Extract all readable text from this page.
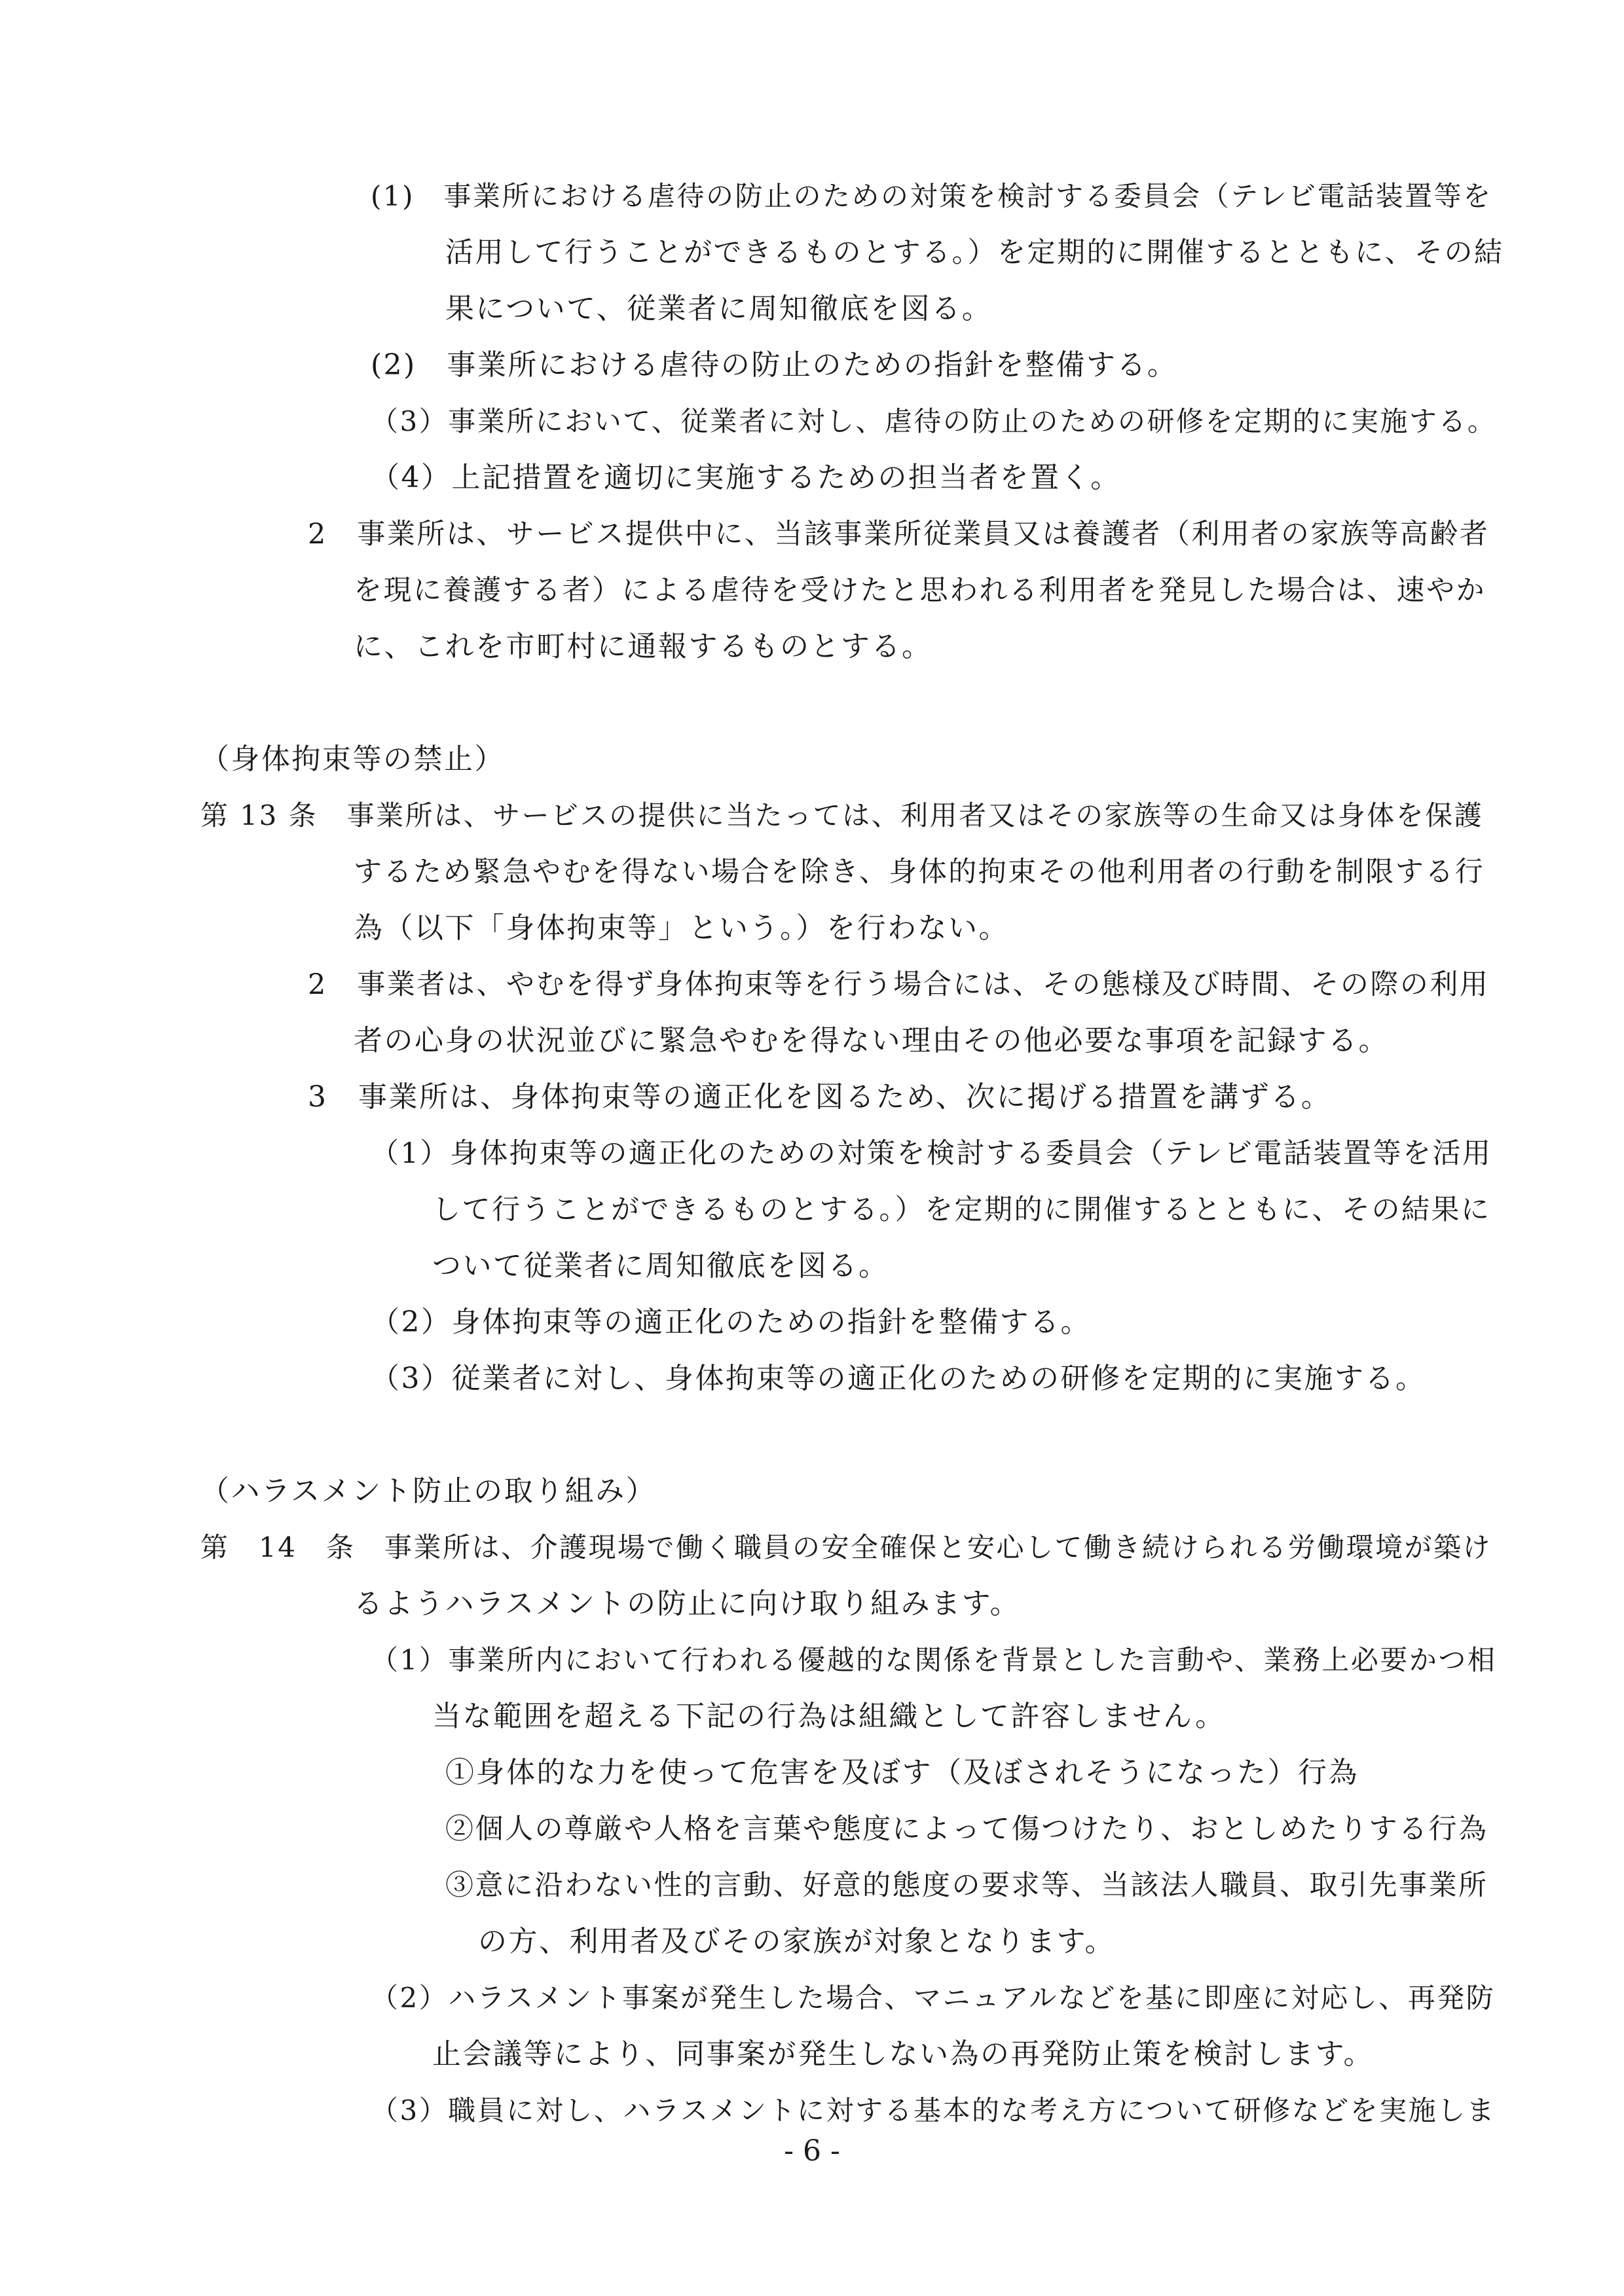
(1)　事業所における虐待の防止のための対策を検討する委員会（テレビ電話装置等を
活用して行うことができるものとする。）を定期的に開催するとともに、その結
果について、従業者に周知徹底を図る。
(2)　事業所における虐待の防止のための指針を整備する。
（3）事業所において、従業者に対し、虐待の防止のための研修を定期的に実施する。
（4）上記措置を適切に実施するための担当者を置く。
2　事業所は、サービス提供中に、当該事業所従業員又は養護者（利用者の家族等高齢者
を現に養護する者）による虐待を受けたと思われる利用者を発見した場合は、速やか
に、これを市町村に通報するものとする。
（身体拘束等の禁止）
第 13 条　事業所は、サービスの提供に当たっては、利用者又はその家族等の生命又は身体を保護
するため緊急やむを得ない場合を除き、身体的拘束その他利用者の行動を制限する行
為（以下「身体拘束等」という。）を行わない。
2　事業者は、やむを得ず身体拘束等を行う場合には、その態様及び時間、その際の利用
者の心身の状況並びに緊急やむを得ない理由その他必要な事項を記録する。
3　事業所は、身体拘束等の適正化を図るため、次に掲げる措置を講ずる。
（1）身体拘束等の適正化のための対策を検討する委員会（テレビ電話装置等を活用
して行うことができるものとする。）を定期的に開催するとともに、その結果に
ついて従業者に周知徹底を図る。
（2）身体拘束等の適正化のための指針を整備する。
（3）従業者に対し、身体拘束等の適正化のための研修を定期的に実施する。
（ハラスメント防止の取り組み）
第　14　条　事業所は、介護現場で働く職員の安全確保と安心して働き続けられる労働環境が築け
るようハラスメントの防止に向け取り組みます。
（1）事業所内において行われる優越的な関係を背景とした言動や、業務上必要かつ相
当な範囲を超える下記の行為は組織として許容しません。
①身体的な力を使って危害を及ぼす（及ぼされそうになった）行為
②個人の尊厳や人格を言葉や態度によって傷つけたり、おとしめたりする行為
③意に沿わない性的言動、好意的態度の要求等、当該法人職員、取引先事業所
の方、利用者及びその家族が対象となります。
（2）ハラスメント事案が発生した場合、マニュアルなどを基に即座に対応し、再発防
止会議等により、同事案が発生しない為の再発防止策を検討します。
（3）職員に対し、ハラスメントに対する基本的な考え方について研修などを実施しま
- 6 -
